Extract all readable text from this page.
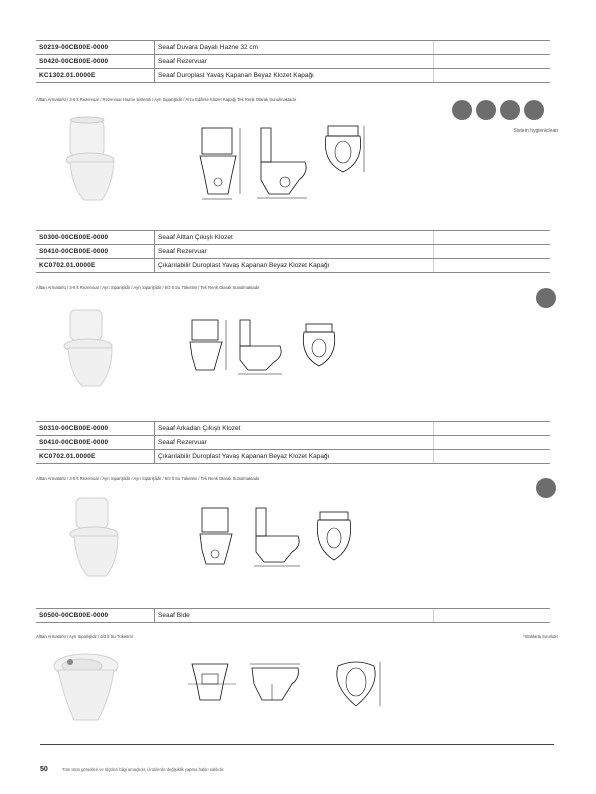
S0219-00CB00E-0000	Seaaf Duvara Dayalı Hazne 32 cm	
S0420-00CB00E-0000	Seaaf Rezervuar	
KC1302.01.0000E	Seaaf Duroplast Yavaş Kapanan Beyaz Klozet Kapağı	
Alttan Armatürlü / 3-6 lt Rezervuar / Rezervuar Hazne Sistemli / Ayrı Siparişlidir / Arzu Edilirse Klozet Kapağı Tek Renk Olarak Sunulmaktadır
Sistem hygieniclean
S0300-00CB00E-0000	Seaaf Alttan Çıkışlı Klozet	
S0410-00CB00E-0000	Seaaf Rezervuar	
KC0702.01.0000E	Çıkarılabilir Duroplast Yavaş Kapanan Beyaz Klozet Kapağı	
Alttan Armatürlü / 3-6 lt Rezervuar / Ayrı Siparişlidir / Ayrı Siparişlidir / 6/3 lt Su Tüketimi / Tek Renk Olarak Sunulmaktadır
S0310-00CB00E-0000	Seaaf Arkadan Çıkışlı Klozet	
S0410-00CB00E-0000	Seaaf Rezervuar	
KC0702.01.0000E	Çıkarılabilir Duroplast Yavaş Kapanan Beyaz Klozet Kapağı	
Alttan Armatürlü / 3-6 lt Rezervuar / Ayrı Siparişlidir / Ayrı Siparişlidir / 6/3 lt Su Tüketimi / Tek Renk Olarak Sunulmaktadır
S0500-00CB00E-0000	Seaaf Bide	
Alttan Armatürlü / Ayrı Siparişlidir / 6/3 lt Su Tüketimi	*Stoklarla Sınırlıdır
50	Tüm ürün görselleri ve ölçüleri bilgi amaçlıdır. Ürünlerde değişiklik yapma hakkı saklıdır.
